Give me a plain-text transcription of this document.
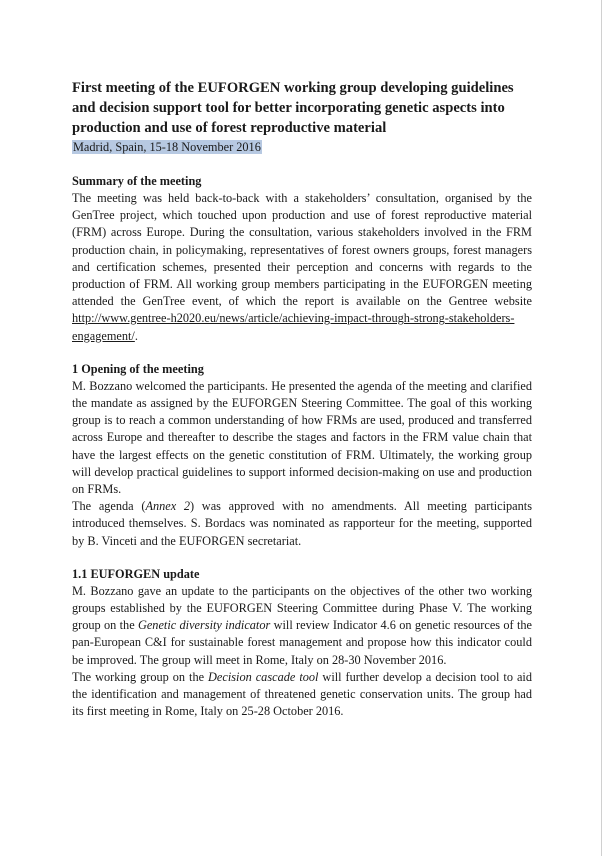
First meeting of the EUFORGEN working group developing guidelines and decision support tool for better incorporating genetic aspects into production and use of forest reproductive material
Madrid, Spain, 15-18 November 2016
Summary of the meeting

The meeting was held back-to-back with a stakeholders’ consultation, organised by the GenTree project, which touched upon production and use of forest reproductive material (FRM) across Europe. During the consultation, various stakeholders involved in the FRM production chain, in policymaking, representatives of forest owners groups, forest managers and certification schemes, presented their perception and concerns with regards to the production of FRM. All working group members participating in the EUFORGEN meeting attended the GenTree event, of which the report is available on the Gentree website http://www.gentree-h2020.eu/news/article/achieving-impact-through-strong-stakeholders-engagement/.

1 Opening of the meeting

M. Bozzano welcomed the participants. He presented the agenda of the meeting and clarified the mandate as assigned by the EUFORGEN Steering Committee. The goal of this working group is to reach a common understanding of how FRMs are used, produced and transferred across Europe and thereafter to describe the stages and factors in the FRM value chain that have the largest effects on the genetic constitution of FRM. Ultimately, the working group will develop practical guidelines to support informed decision-making on use and production on FRMs.

The agenda (Annex 2) was approved with no amendments. All meeting participants introduced themselves. S. Bordacs was nominated as rapporteur for the meeting, supported by B. Vinceti and the EUFORGEN secretariat.

1.1 EUFORGEN update

M. Bozzano gave an update to the participants on the objectives of the other two working groups established by the EUFORGEN Steering Committee during Phase V. The working group on the Genetic diversity indicator will review Indicator 4.6 on genetic resources of the pan-European C&I for sustainable forest management and propose how this indicator could be improved. The group will meet in Rome, Italy on 28-30 November 2016.

The working group on the Decision cascade tool will further develop a decision tool to aid the identification and management of threatened genetic conservation units. The group had its first meeting in Rome, Italy on 25-28 October 2016.
